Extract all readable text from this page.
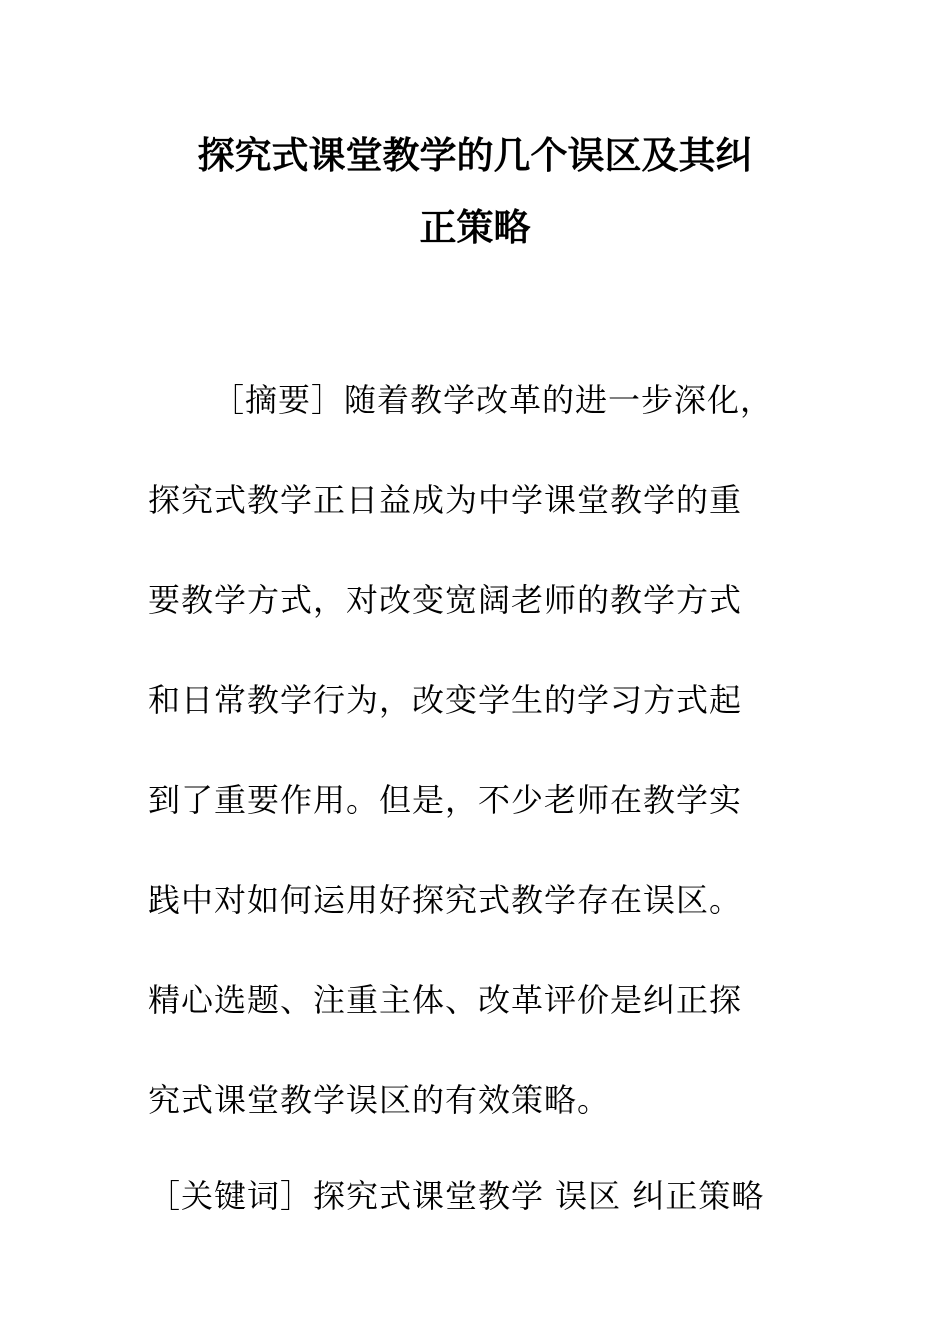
探究式课堂教学的几个误区及其纠
正策略
［摘要］随着教学改革的进一步深化，
探究式教学正日益成为中学课堂教学的重
要教学方式，对改变宽阔老师的教学方式
和日常教学行为，改变学生的学习方式起
到了重要作用。但是，不少老师在教学实
践中对如何运用好探究式教学存在误区。
精心选题、注重主体、改革评价是纠正探
究式课堂教学误区的有效策略。
［关键词］探究式课堂教学 误区 纠正策略
